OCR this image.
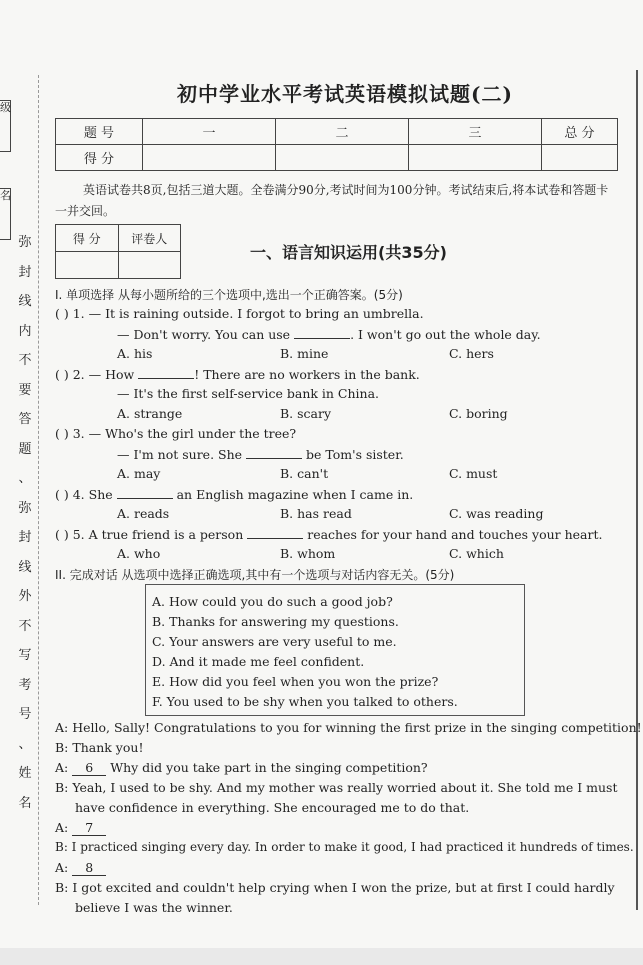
级
名
弥
封
线
内
不
要
答
题
、
弥
封
线
外
不
写
考
号
、
姓
名
初中学业水平考试英语模拟试题(二)
题 号	一	二	三	总 分
得 分				
英语试卷共8页,包括三道大题。全卷满分90分,考试时间为100分钟。考试结束后,将本试卷和答题卡一并交回。
得 分	评卷人

一、语言知识运用(共35分)
I. 单项选择 从每小题所给的三个选项中,选出一个正确答案。(5分)
( ) 1. — It is raining outside. I forgot to bring an umbrella.
— Don't worry. You can use	. I won't go out the whole day.
A. his	B. mine	C. hers
( ) 2. — How	! There are no workers in the bank.
— It's the first self-service bank in China.
A. strange	B. scary	C. boring
( ) 3. — Who's the girl under the tree?
— I'm not sure. She	be Tom's sister.
A. may	B. can't	C. must
( ) 4. She	an English magazine when I came in.
A. reads	B. has read	C. was reading
( ) 5. A true friend is a person	reaches for your hand and touches your heart.
A. who	B. whom	C. which
II. 完成对话 从选项中选择正确选项,其中有一个选项与对话内容无关。(5分)
A. How could you do such a good job?
B. Thanks for answering my questions.
C. Your answers are very useful to me.
D. And it made me feel confident.
E. How did you feel when you won the prize?
F. You used to be shy when you talked to others.
A: Hello, Sally! Congratulations to you for winning the first prize in the singing competition!
B: Thank you!
A: 6 Why did you take part in the singing competition?
B: Yeah, I used to be shy. And my mother was really worried about it. She told me I must
have confidence in everything. She encouraged me to do that.
A: 7
B: I practiced singing every day. In order to make it good, I had practiced it hundreds of times.
A: 8
B: I got excited and couldn't help crying when I won the prize, but at first I could hardly
believe I was the winner.
